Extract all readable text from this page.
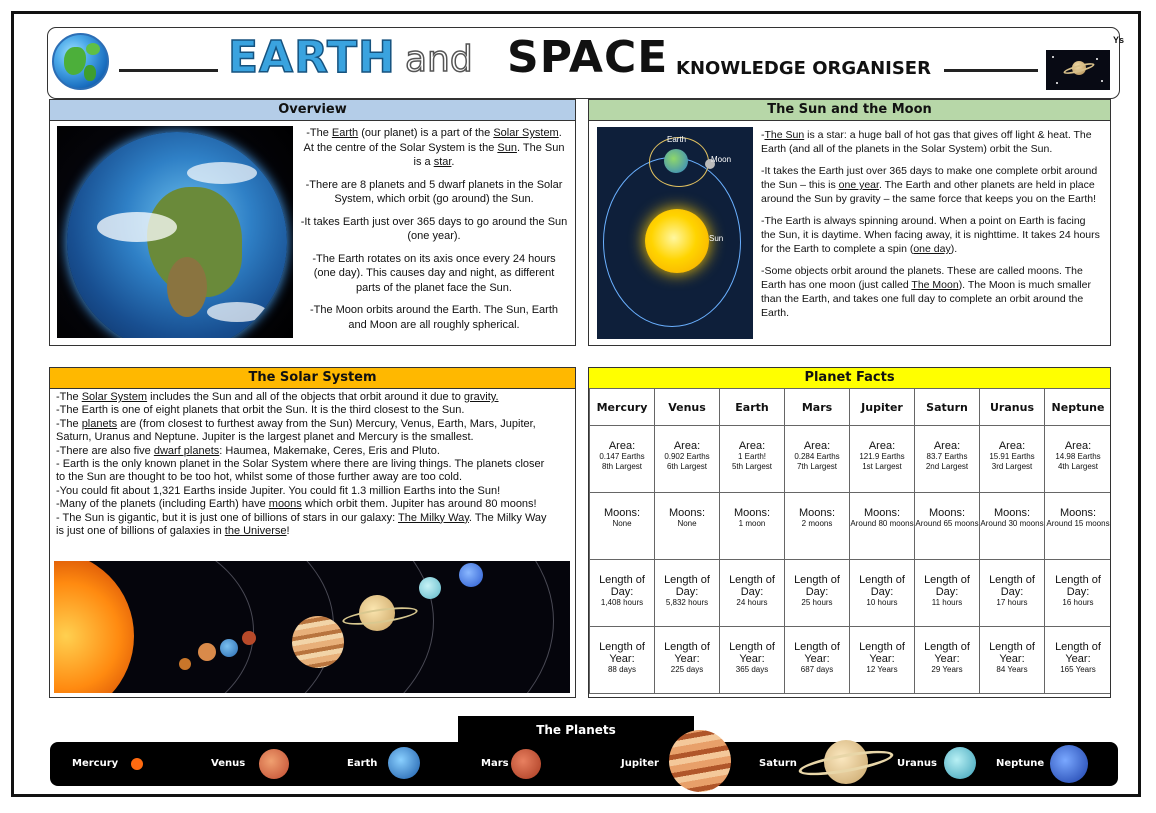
EARTH and SPACE KNOWLEDGE ORGANISER
Ys
Overview

-The Earth (our planet) is a part of the Solar System. At the centre of the Solar System is the Sun. The Sun is a star.

-There are 8 planets and 5 dwarf planets in the Solar System, which orbit (go around) the Sun.

-It takes Earth just over 365 days to go around the Sun (one year).

-The Earth rotates on its axis once every 24 hours (one day). This causes day and night, as different parts of the planet face the Sun.

-The Moon orbits around the Earth. The Sun, Earth and Moon are all roughly spherical.

The Sun and the Moon
Earth
Moon
Sun

-The Sun is a star: a huge ball of hot gas that gives off light & heat. The Earth (and all of the planets in the Solar System) orbit the Sun.

-It takes the Earth just over 365 days to make one complete orbit around the Sun – this is one year. The Earth and other planets are held in place around the Sun by gravity – the same force that keeps you on the Earth!

-The Earth is always spinning around. When a point on Earth is facing the Sun, it is daytime. When facing away, it is nighttime. It takes 24 hours for the Earth to complete a spin (one day).

-Some objects orbit around the planets. These are called moons. The Earth has one moon (just called The Moon). The Moon is much smaller than the Earth, and takes one full day to complete an orbit around the Earth.

The Solar System
-The Solar System includes the Sun and all of the objects that orbit around it due to gravity.
-The Earth is one of eight planets that orbit the Sun. It is the third closest to the Sun.
-The planets are (from closest to furthest away from the Sun) Mercury, Venus, Earth, Mars, Jupiter, Saturn, Uranus and Neptune. Jupiter is the largest planet and Mercury is the smallest.
-There are also five dwarf planets: Haumea, Makemake, Ceres, Eris and Pluto.
- Earth is the only known planet in the Solar System where there are living things. The planets closer to the Sun are thought to be too hot, whilst some of those further away are too cold.
-You could fit about 1,321 Earths inside Jupiter. You could fit 1.3 million Earths into the Sun!
-Many of the planets (including Earth) have moons which orbit them. Jupiter has around 80 moons!
- The Sun is gigantic, but it is just one of billions of stars in our galaxy: The Milky Way. The Milky Way is just one of billions of galaxies in the Universe!
Planet Facts
Mercury	Venus	Earth	Mars	Jupiter	Saturn	Uranus	Neptune

Area:
0.147 Earths
8th Largest	Area:
0.902 Earths
6th Largest	Area:
1 Earth!
5th Largest	Area:
0.284 Earths
7th Largest	Area:
121.9 Earths
1st Largest	Area:
83.7 Earths
2nd Largest	Area:
15.91 Earths
3rd Largest	Area:
14.98 Earths
4th Largest

Moons:
None	Moons:
None	Moons:
1 moon	Moons:
2 moons	Moons:
Around 80 moons	Moons:
Around 65 moons	Moons:
Around 30 moons	Moons:
Around 15 moons

Length of Day:
1,408 hours	Length of Day:
5,832 hours	Length of Day:
24 hours	Length of Day:
25 hours	Length of Day:
10 hours	Length of Day:
11 hours	Length of Day:
17 hours	Length of Day:
16 hours

Length of Year:
88 days	Length of Year:
225 days	Length of Year:
365 days	Length of Year:
687 days	Length of Year:
12 Years	Length of Year:
29 Years	Length of Year:
84 Years	Length of Year:
165 Years
The Planets
Mercury	Venus	Earth	Mars	Jupiter	Saturn	Uranus	Neptune
